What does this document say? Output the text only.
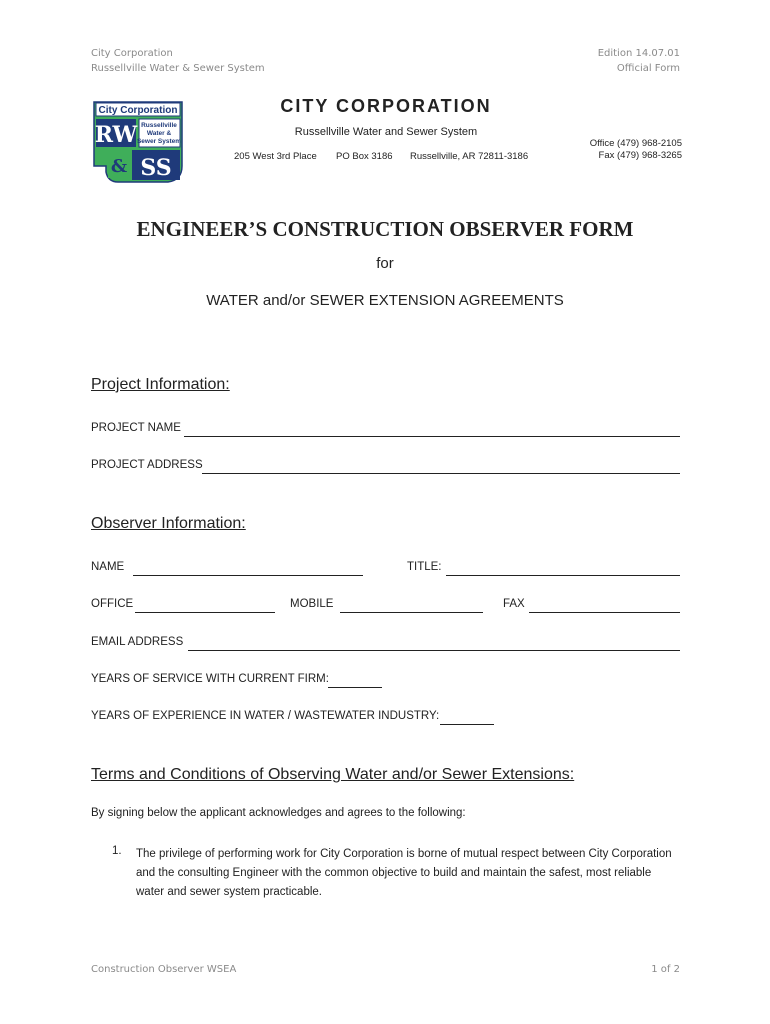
City Corporation
Russellville Water & Sewer System
Edition 14.07.01
Official Form
City Corporation
RW Russellville
Water &
Sewer System
& SS
CITY CORPORATION
Russellville Water and Sewer System
205 West 3rd Place PO Box 3186 Russellville, AR 72811-3186
Office (479) 968-2105
Fax (479) 968-3265
ENGINEER’S CONSTRUCTION OBSERVER FORM
for
WATER and/or SEWER EXTENSION AGREEMENTS
Project Information:
PROJECT NAME
PROJECT ADDRESS
Observer Information:
NAME	TITLE:
OFFICE	MOBILE	FAX
EMAIL ADDRESS
YEARS OF SERVICE WITH CURRENT FIRM:
YEARS OF EXPERIENCE IN WATER / WASTEWATER INDUSTRY:
Terms and Conditions of Observing Water and/or Sewer Extensions:
By signing below the applicant acknowledges and agrees to the following:
1. The privilege of performing work for City Corporation is borne of mutual respect between City Corporation and the consulting Engineer with the common objective to build and maintain the safest, most reliable water and sewer system practicable.
Construction Observer WSEA	1 of 2
